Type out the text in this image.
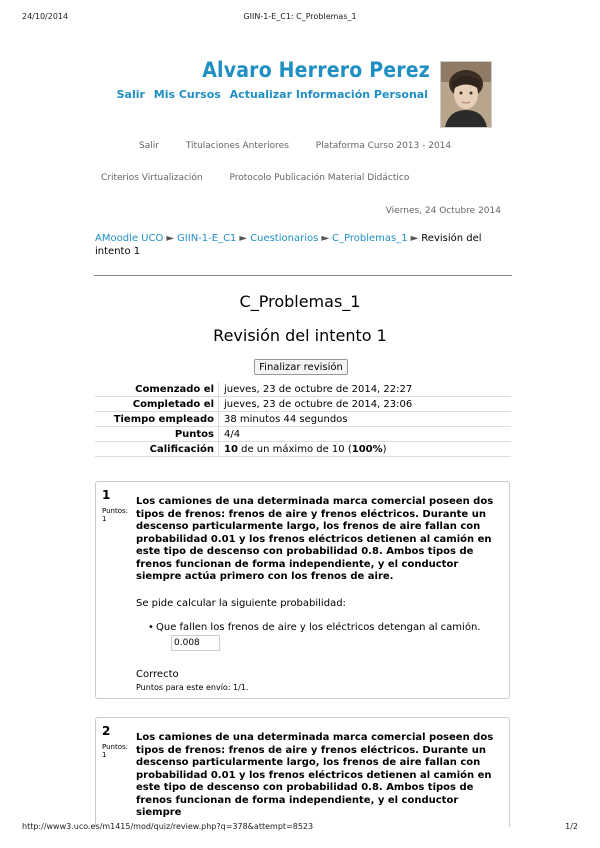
24/10/2014	GIIN-1-E_C1: C_Problemas_1
Alvaro Herrero Perez
Salir Mis Cursos Actualizar Información Personal
Salir	Titulaciones Anteriores	Plataforma Curso 2013 - 2014
Criterios Virtualización	Protocolo Publicación Material Didáctico
Viernes, 24 Octubre 2014
AMoodle UCO ► GIIN-1-E_C1 ► Cuestionarios ► C_Problemas_1 ► Revisión del intento 1
C_Problemas_1
Revisión del intento 1
Finalizar revisión
Comenzado el	jueves, 23 de octubre de 2014, 22:27
Completado el	jueves, 23 de octubre de 2014, 23:06
Tiempo empleado	38 minutos 44 segundos
Puntos	4/4
Calificación	10 de un máximo de 10 (100%)
1
Puntos:
1
Los camiones de una determinada marca comercial poseen dos tipos de frenos: frenos de aire y frenos eléctricos. Durante un descenso particularmente largo, los frenos de aire fallan con probabilidad 0.01 y los frenos eléctricos detienen al camión en este tipo de descenso con probabilidad 0.8. Ambos tipos de frenos funcionan de forma independiente, y el conductor siempre actúa primero con los frenos de aire.
Se pide calcular la siguiente probabilidad:
• Que fallen los frenos de aire y los eléctricos detengan al camión.
0.008
Correcto
Puntos para este envío: 1/1.
2
Puntos:
1
Los camiones de una determinada marca comercial poseen dos tipos de frenos: frenos de aire y frenos eléctricos. Durante un descenso particularmente largo, los frenos de aire fallan con probabilidad 0.01 y los frenos eléctricos detienen al camión en este tipo de descenso con probabilidad 0.8. Ambos tipos de frenos funcionan de forma independiente, y el conductor siempre
http://www3.uco.es/m1415/mod/quiz/review.php?q=378&attempt=8523	1/2
